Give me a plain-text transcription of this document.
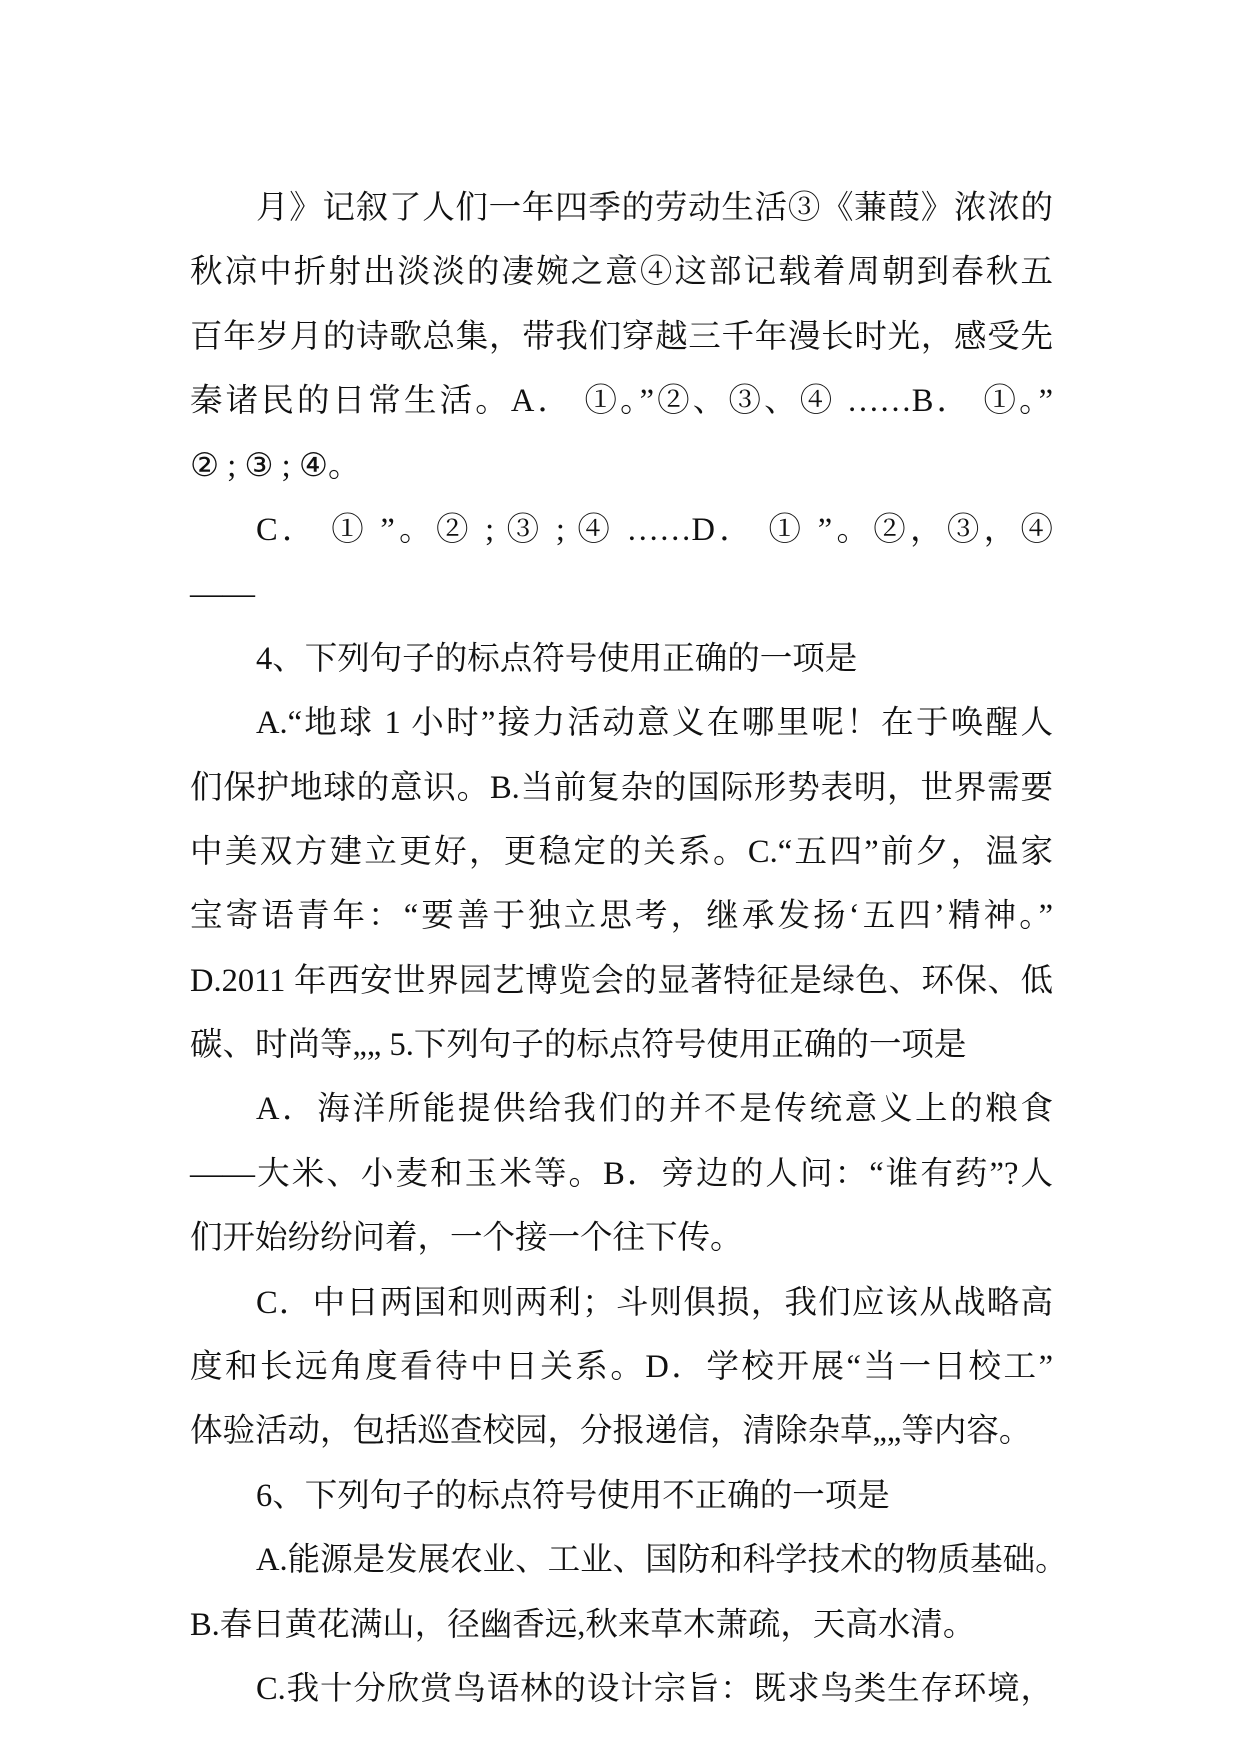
月》记叙了人们一年四季的劳动生活③《蒹葭》浓浓的
秋凉中折射出淡淡的凄婉之意④这部记载着周朝到春秋五
百年岁月的诗歌总集，带我们穿越三千年漫长时光，感受先
秦诸民的日常生活。A． ①。”②、③、④ ……B． ①。”
② ; ③ ; ④。
C． ① ”。② ; ③ ; ④ ……D． ① ”。②，③，④
——
4、下列句子的标点符号使用正确的一项是
A.“地球 1 小时”接力活动意义在哪里呢！在于唤醒人
们保护地球的意识。B.当前复杂的国际形势表明，世界需要
中美双方建立更好，更稳定的关系。C.“五四”前夕，温家
宝寄语青年：“要善于独立思考，继承发扬‘五四’精神。”
D.2011 年西安世界园艺博览会的显著特征是绿色、环保、低
碳、时尚等„„ 5.下列句子的标点符号使用正确的一项是
A．海洋所能提供给我们的并不是传统意义上的粮食
——大米、小麦和玉米等。B．旁边的人问：“谁有药”?人
们开始纷纷问着，一个接一个往下传。
C．中日两国和则两利；斗则俱损，我们应该从战略高
度和长远角度看待中日关系。D．学校开展“当一日校工”
体验活动，包括巡查校园，分报递信，清除杂草„„等内容。
6、下列句子的标点符号使用不正确的一项是
A.能源是发展农业、工业、国防和科学技术的物质基础。
B.春日黄花满山，径幽香远,秋来草木萧疏，天高水清。
C.我十分欣赏鸟语林的设计宗旨：既求鸟类生存环境，
